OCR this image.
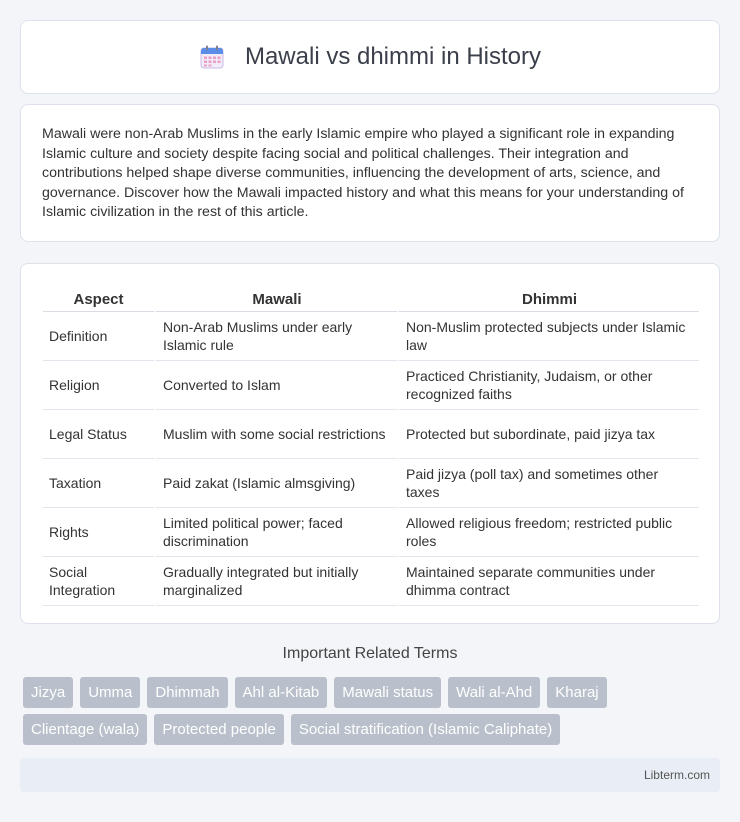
Mawali vs dhimmi in History

Mawali were non-Arab Muslims in the early Islamic empire who played a significant role in expanding Islamic culture and society despite facing social and political challenges. Their integration and contributions helped shape diverse communities, influencing the development of arts, science, and governance. Discover how the Mawali impacted history and what this means for your understanding of Islamic civilization in the rest of this article.

Aspect	Mawali	Dhimmi
Definition	Non-Arab Muslims under early Islamic rule	Non-Muslim protected subjects under Islamic law
Religion	Converted to Islam	Practiced Christianity, Judaism, or other recognized faiths
Legal Status	Muslim with some social restrictions	Protected but subordinate, paid jizya tax
Taxation	Paid zakat (Islamic almsgiving)	Paid jizya (poll tax) and sometimes other taxes
Rights	Limited political power; faced discrimination	Allowed religious freedom; restricted public roles
Social Integration	Gradually integrated but initially marginalized	Maintained separate communities under dhimma contract
Important Related Terms
Jizya	Umma	Dhimmah	Ahl al-Kitab	Mawali status	Wali al-Ahd	Kharaj
Clientage (wala)	Protected people	Social stratification (Islamic Caliphate)
Libterm.com
